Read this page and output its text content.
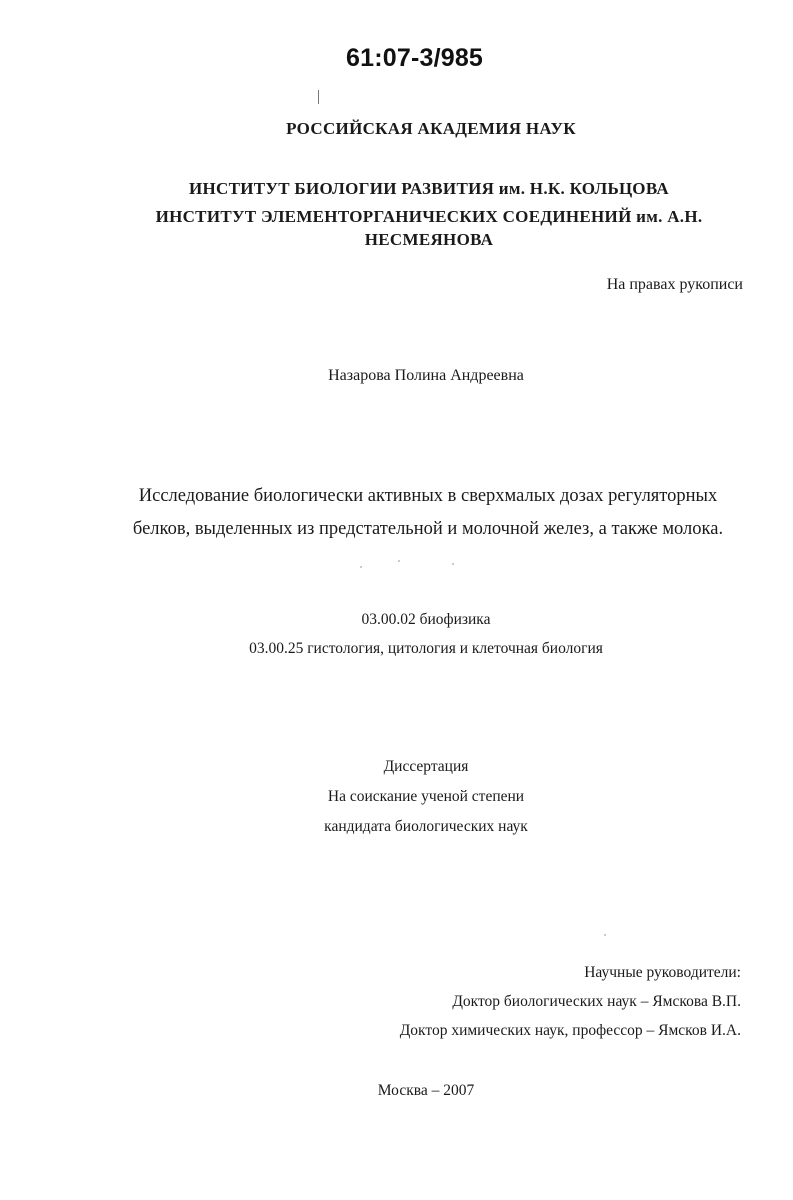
61:07-3/985
РОССИЙСКАЯ АКАДЕМИЯ НАУК
ИНСТИТУТ БИОЛОГИИ РАЗВИТИЯ им. Н.К. КОЛЬЦОВА
ИНСТИТУТ ЭЛЕМЕНТОРГАНИЧЕСКИХ СОЕДИНЕНИЙ им. А.Н.
НЕСМЕЯНОВА
На правах рукописи
Назарова Полина Андреевна
Исследование биологически активных в сверхмалых дозах регуляторных белков, выделенных из предстательной и молочной желез, а также молока.
03.00.02 биофизика
03.00.25 гистология, цитология и клеточная биология
Диссертация
На соискание ученой степени
кандидата биологических наук
Научные руководители:
Доктор биологических наук – Ямскова В.П.
Доктор химических наук, профессор – Ямсков И.А.
Москва – 2007
